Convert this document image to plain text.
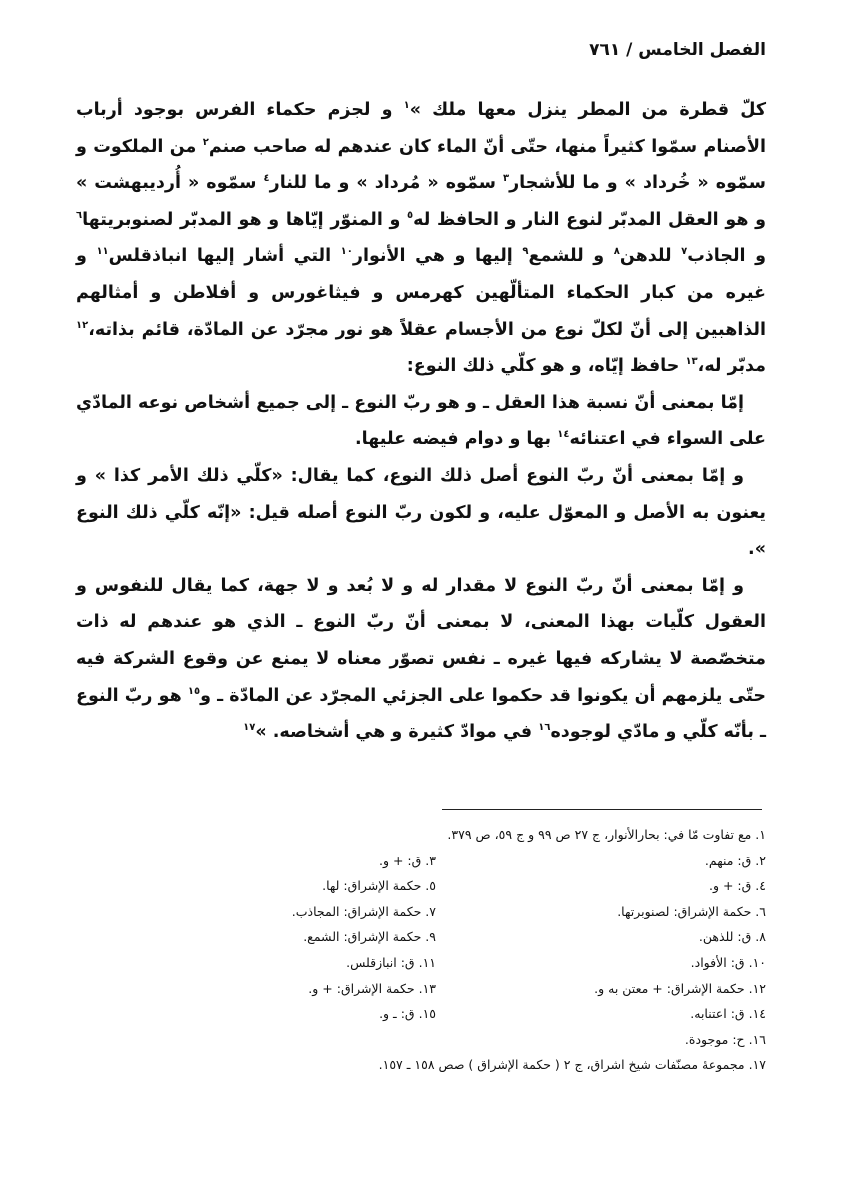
الفصل الخامس / ٧٦١

كلّ قطرة من المطر ينزل معها ملك »$^١$ و لجزم حكماء الفرس بوجود أرباب الأصنام سمّوا كثيراً منها، حتّى أنّ الماء كان عندهم له صاحب صنم$^٢$ من الملكوت و سمّوه « خُرداد » و ما للأشجار$^٣$ سمّوه « مُرداد » و ما للنار$^٤$ سمّوه « أُرديبهشت » و هو العقل المدبّر لنوع النار و الحافظ له$^٥$ و المنوّر إيّاها و هو المدبّر لصنوبريتها$^٦$ و الجاذب$^٧$ للدهن$^٨$ و للشمع$^٩$ إليها و هي الأنوار$^{١٠}$ التي أشار إليها انباذقلس$^{١١}$ و غيره من كبار الحكماء المتألّهين كهرمس و فيثاغورس و أفلاطن و أمثالهم الذاهبين إلى أنّ لكلّ نوع من الأجسام عقلاً هو نور مجرّد عن المادّة، قائم بذاته،$^{١٢}$ مدبّر له،$^{١٣}$ حافظ إيّاه، و هو كلّي ذلك النوع:

إمّا بمعنى أنّ نسبة هذا العقل ـ و هو ربّ النوع ـ إلى جميع أشخاص نوعه المادّي على السواء في اعتنائه$^{١٤}$ بها و دوام فيضه عليها.

و إمّا بمعنى أنّ ربّ النوع أصل ذلك النوع، كما يقال: «كلّي ذلك الأمر كذا » و يعنون به الأصل و المعوّل عليه، و لكون ربّ النوع أصله قيل: «إنّه كلّي ذلك النوع ».

و إمّا بمعنى أنّ ربّ النوع لا مقدار له و لا بُعد و لا جهة، كما يقال للنفوس و العقول كلّيات بهذا المعنى، لا بمعنى أنّ ربّ النوع ـ الذي هو عندهم له ذات متخصّصة لا يشاركه فيها غيره ـ نفس تصوّر معناه لا يمنع عن وقوع الشركة فيه حتّى يلزمهم أن يكونوا قد حكموا على الجزئي المجرّد عن المادّة ـ و$^{١٥}$ هو ربّ النوع ـ بأنّه كلّي و مادّي لوجوده$^{١٦}$ في موادّ كثيرة و هي أشخاصه. »$^{١٧}$

١. مع تفاوت مّا في: بحارالأنوار، ج ٢٧ ص ٩٩ و ج ٥٩، ص ٣٧٩.
٢. ق: منهم.
٣. ق: + و.
٤. ق: + و.
٥. حكمة الإشراق: لها.
٦. حكمة الإشراق: لصنوبرتها.
٧. حكمة الإشراق: المجاذب.
٨. ق: للذهن.
٩. حكمة الإشراق: الشمع.
١٠. ق: الأفواد.
١١. ق: انبازقلس.
١٢. حكمة الإشراق: + معتن به و.
١٣. حكمة الإشراق: + و.
١٤. ق: اعتنابه.
١٥. ق: ـ و.
١٦. ح: موجودة.
١٧. مجموعهٔ مصنّفات شيخ اشراق، ج ٢ ( حكمة الإشراق ) صص ١٥٨ ـ ١٥٧.
